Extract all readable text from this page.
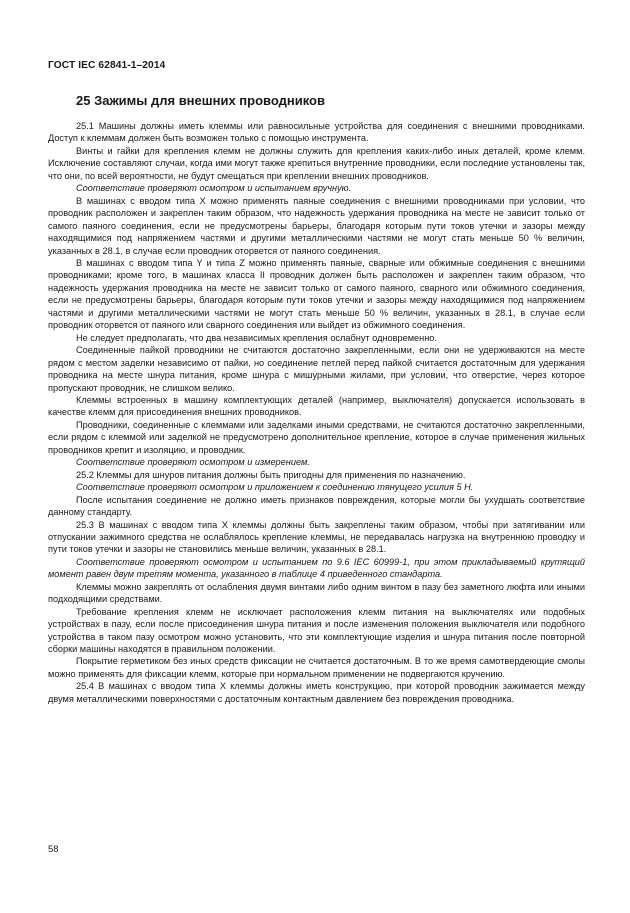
ГОСТ IEC 62841-1–2014
25 Зажимы для внешних проводников

25.1 Машины должны иметь клеммы или равносильные устройства для соединения с внешними проводниками. Доступ к клеммам должен быть возможен только с помощью инструмента.

Винты и гайки для крепления клемм не должны служить для крепления каких-либо иных деталей, кроме клемм. Исключение составляют случаи, когда ими могут также крепиться внутренние проводники, если последние установлены так, что они, по всей вероятности, не будут смещаться при креплении внешних проводников.

Соответствие проверяют осмотром и испытанием вручную.

В машинах с вводом типа X можно применять паяные соединения с внешними проводниками при условии, что проводник расположен и закреплен таким образом, что надежность удержания проводника на месте не зависит только от самого паяного соединения, если не предусмотрены барьеры, благодаря которым пути токов утечки и зазоры между находящимися под напряжением частями и другими металлическими частями не могут стать меньше 50 % величин, указанных в 28.1, в случае если проводник оторвется от паяного соединения.

В машинах с вводом типа Y и типа Z можно применять паяные, сварные или обжимные соединения с внешними проводниками; кроме того, в машинах класса II проводник должен быть расположен и закреплен таким образом, что надежность удержания проводника на месте не зависит только от самого паяного, сварного или обжимного соединения, если не предусмотрены барьеры, благодаря которым пути токов утечки и зазоры между находящимися под напряжением частями и другими металлическими частями не могут стать меньше 50 % величин, указанных в 28.1, в случае если проводник оторвется от паяного или сварного соединения или выйдет из обжимного соединения.

Не следует предполагать, что два независимых крепления ослабнут одновременно.

Соединенные пайкой проводники не считаются достаточно закрепленными, если они не удерживаются на месте рядом с местом заделки независимо от пайки, но соединение петлей перед пайкой считается достаточным для удержания проводника на месте шнура питания, кроме шнура с мишурными жилами, при условии, что отверстие, через которое пропускают проводник, не слишком велико.

Клеммы встроенных в машину комплектующих деталей (например, выключателя) допускается использовать в качестве клемм для присоединения внешних проводников.

Проводники, соединенные с клеммами или заделками иными средствами, не считаются достаточно закрепленными, если рядом с клеммой или заделкой не предусмотрено дополнительное крепление, которое в случае применения жильных проводников крепит и изоляцию, и проводник.

Соответствие проверяют осмотром и измерением.

25.2 Клеммы для шнуров питания должны быть пригодны для применения по назначению.

Соответствие проверяют осмотром и приложением к соединению тянущего усилия 5 Н.

После испытания соединение не должно иметь признаков повреждения, которые могли бы ухудшать соответствие данному стандарту.

25.3 В машинах с вводом типа X клеммы должны быть закреплены таким образом, чтобы при затягивании или отпускании зажимного средства не ослаблялось крепление клеммы, не передавалась нагрузка на внутреннюю проводку и пути токов утечки и зазоры не становились меньше величин, указанных в 28.1.

Соответствие проверяют осмотром и испытанием по 9.6 IEC 60999-1, при этом прикладываемый крутящий момент равен двум третям момента, указанного в таблице 4 приведенного стандарта.

Клеммы можно закреплять от ослабления двумя винтами либо одним винтом в пазу без заметного люфта или иными подходящими средствами.

Требование крепления клемм не исключает расположения клемм питания на выключателях или подобных устройствах в пазу, если после присоединения шнура питания и после изменения положения выключателя или подобного устройства в таком пазу осмотром можно установить, что эти комплектующие изделия и шнура питания после повторной сборки машины находятся в правильном положении.

Покрытие герметиком без иных средств фиксации не считается достаточным. В то же время самотвердеющие смолы можно применять для фиксации клемм, которые при нормальном применении не подвергаются кручению.

25.4 В машинах с вводом типа X клеммы должны иметь конструкцию, при которой проводник зажимается между двумя металлическими поверхностями с достаточным контактным давлением без повреждения проводника.

58
